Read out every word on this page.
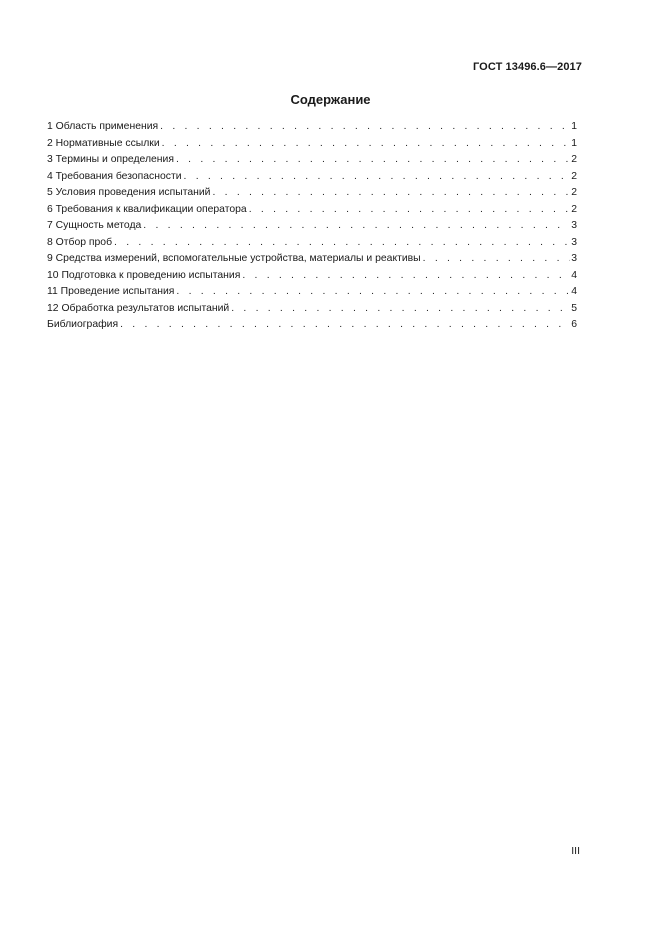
ГОСТ 13496.6—2017
Содержание
1 Область применения . . .	1
2 Нормативные ссылки . . .	1
3 Термины и определения . . .	2
4 Требования безопасности . . .	2
5 Условия проведения испытаний . . .	2
6 Требования к квалификации оператора . . .	2
7 Сущность метода . . .	3
8 Отбор проб . . .	3
9 Средства измерений, вспомогательные устройства, материалы и реактивы . . .	3
10 Подготовка к проведению испытания . . .	4
11 Проведение испытания . . .	4
12 Обработка результатов испытаний . . .	5
Библиография . . .	6
III
